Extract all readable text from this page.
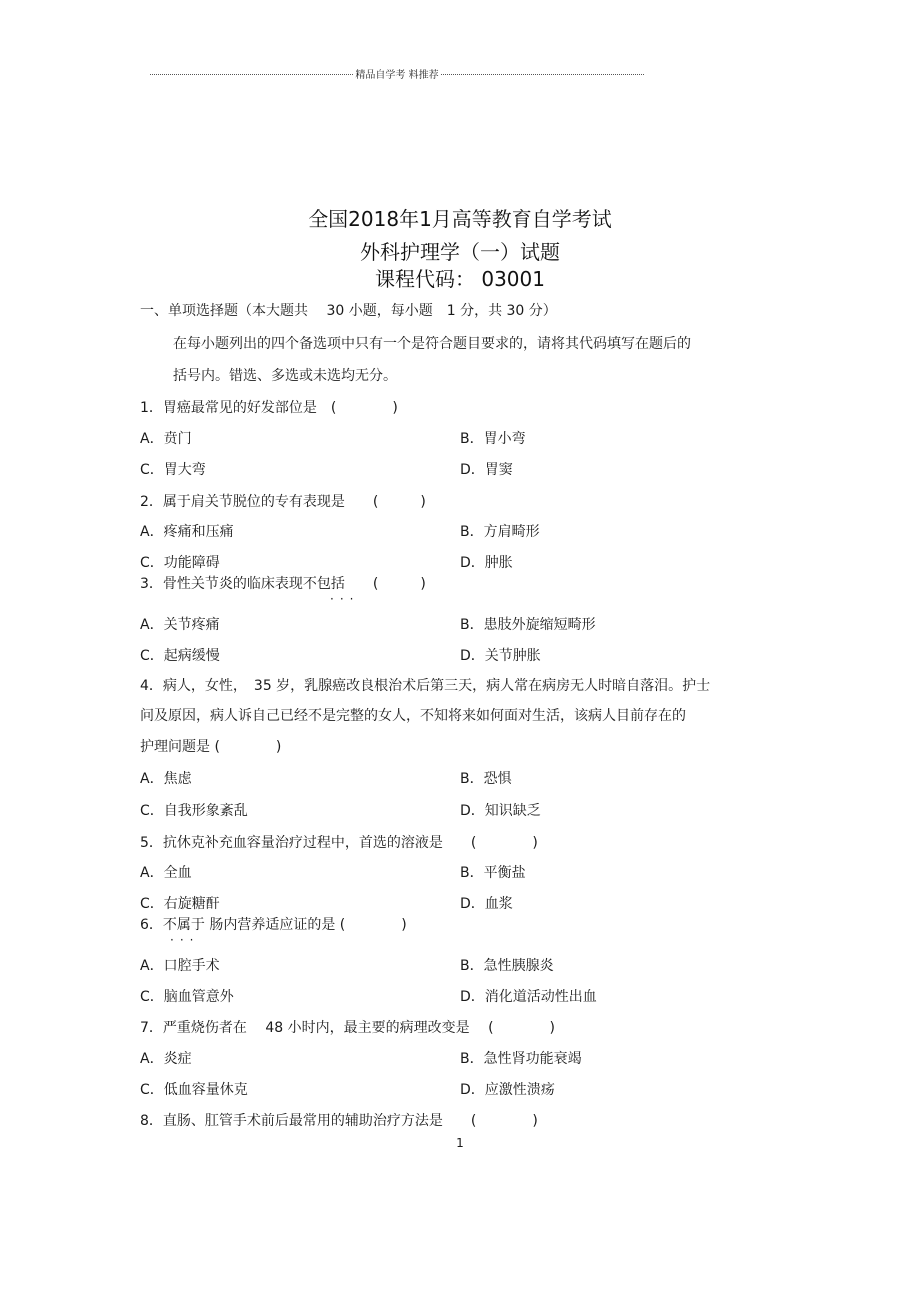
精品自学考 料推荐
全国2018年1月高等教育自学考试
外科护理学（一）试题
课程代码： 03001
一、单项选择题（本大题共　 30 小题，每小题　1 分，共 30 分）
在每小题列出的四个备选项中只有一个是符合题目要求的，请将其代码填写在题后的
括号内。错选、多选或未选均无分。
1．胃癌最常见的好发部位是　(　　　　)
A．贲门	B．胃小弯
C．胃大弯	D．胃窦
2．属于肩关节脱位的专有表现是　　(　　　)
A．疼痛和压痛	B．方肩畸形
C．功能障碍	D．肿胀
3．骨性关节炎的临床表现不包括　　(　　　)
···
A．关节疼痛	B．患肢外旋缩短畸形
C．起病缓慢	D．关节肿胀
4．病人，女性，　35 岁，乳腺癌改良根治术后第三天，病人常在病房无人时暗自落泪。护士
问及原因，病人诉自己已经不是完整的女人，不知将来如何面对生活，该病人目前存在的
护理问题是 (　　　　)
A．焦虑	B．恐惧
C．自我形象紊乱	D．知识缺乏
5．抗休克补充血容量治疗过程中，首选的溶液是　　(　　　　)
A．全血	B．平衡盐
C．右旋糖酐	D．血浆
6．不属于 肠内营养适应证的是 (　　　　)
···
A．口腔手术	B．急性胰腺炎
C．脑血管意外	D．消化道活动性出血
7．严重烧伤者在　 48 小时内，最主要的病理改变是　 (　　　　)
A．炎症	B．急性肾功能衰竭
C．低血容量休克	D．应激性溃疡
8．直肠、肛管手术前后最常用的辅助治疗方法是　　(　　　　)
1
